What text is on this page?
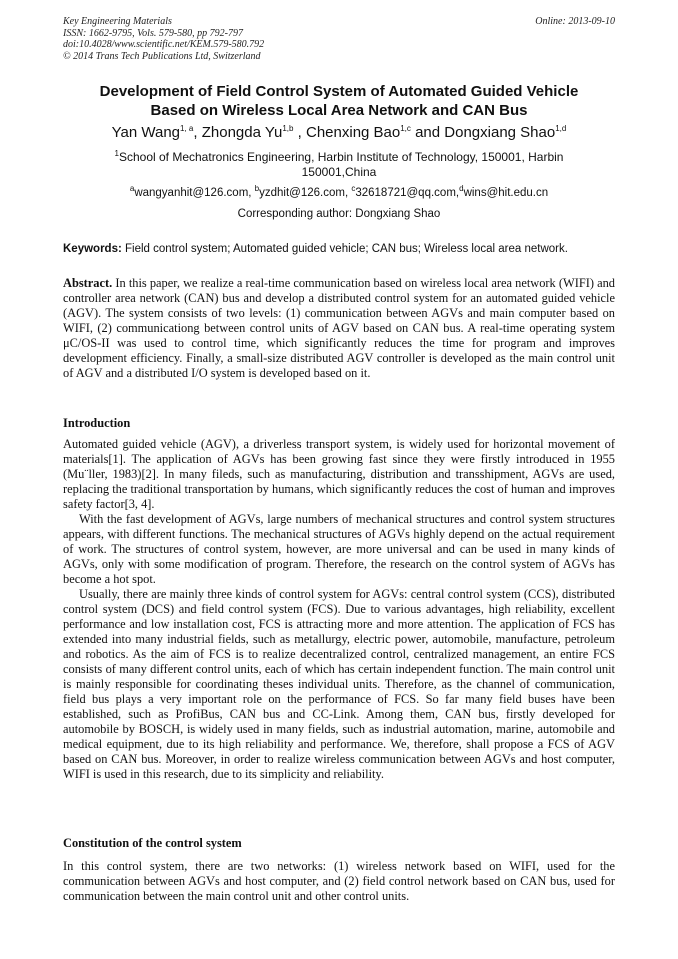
Key Engineering Materials
ISSN: 1662-9795, Vols. 579-580, pp 792-797
doi:10.4028/www.scientific.net/KEM.579-580.792
© 2014 Trans Tech Publications Ltd, Switzerland
Online: 2013-09-10
Development of Field Control System of Automated Guided Vehicle
Based on Wireless Local Area Network and CAN Bus
Yan Wang$^{1, a}$, Zhongda Yu$^{1,b}$ , Chenxing Bao$^{1,c}$ and Dongxiang Shao$^{1,d}$
$^1$School of Mechatronics Engineering, Harbin Institute of Technology, 150001, Harbin
150001,China
$^a$wangyanhit@126.com, $^b$yzdhit@126.com, $^c$32618721@qq.com,$^d$wins@hit.edu.cn
Corresponding author: Dongxiang Shao
Keywords: Field control system; Automated guided vehicle; CAN bus; Wireless local area network.

Abstract. In this paper, we realize a real-time communication based on wireless local area network (WIFI) and controller area network (CAN) bus and develop a distributed control system for an automated guided vehicle (AGV). The system consists of two levels: (1) communication between AGVs and main computer based on WIFI, (2) communicationg between control units of AGV based on CAN bus. A real-time operating system μC/OS-II was used to control time, which significantly reduces the time for program and improves development efficiency. Finally, a small-size distributed AGV controller is developed as the main control unit of AGV and a distributed I/O system is developed based on it.

Introduction

Automated guided vehicle (AGV), a driverless transport system, is widely used for horizontal movement of materials[1]. The application of AGVs has been growing fast since they were firstly introduced in 1955 (Mu¨ller, 1983)[2]. In many fileds, such as manufacturing, distribution and transshipment, AGVs are used, replacing the traditional transportation by humans, which significantly reduces the cost of human and improves safety factor[3, 4].

With the fast development of AGVs, large numbers of mechanical structures and control system structures appears, with different functions. The mechanical structures of AGVs highly depend on the actual requirement of work. The structures of control system, however, are more universal and can be used in many kinds of AGVs, only with some modification of program. Therefore, the research on the control system of AGVs has become a hot spot.

Usually, there are mainly three kinds of control system for AGVs: central control system (CCS), distributed control system (DCS) and field control system (FCS). Due to various advantages, high reliability, excellent performance and low installation cost, FCS is attracting more and more attention. The application of FCS has extended into many industrial fields, such as metallurgy, electric power, automobile, manufacture, petroleum and robotics. As the aim of FCS is to realize decentralized control, centralized management, an entire FCS consists of many different control units, each of which has certain independent function. The main control unit is mainly responsible for coordinating theses individual units. Therefore, as the channel of communication, field bus plays a very important role on the performance of FCS. So far many field buses have been established, such as ProfiBus, CAN bus and CC-Link. Among them, CAN bus, firstly developed for automobile by BOSCH, is widely used in many fields, such as industrial automation, marine, automobile and medical equipment, due to its high reliability and performance. We, therefore, shall propose a FCS of AGV based on CAN bus. Moreover, in order to realize wireless communication between AGVs and host computer, WIFI is used in this research, due to its simplicity and reliability.

Constitution of the control system

In this control system, there are two networks: (1) wireless network based on WIFI, used for the communication between AGVs and host computer, and (2) field control network based on CAN bus, used for communication between the main control unit and other control units.
